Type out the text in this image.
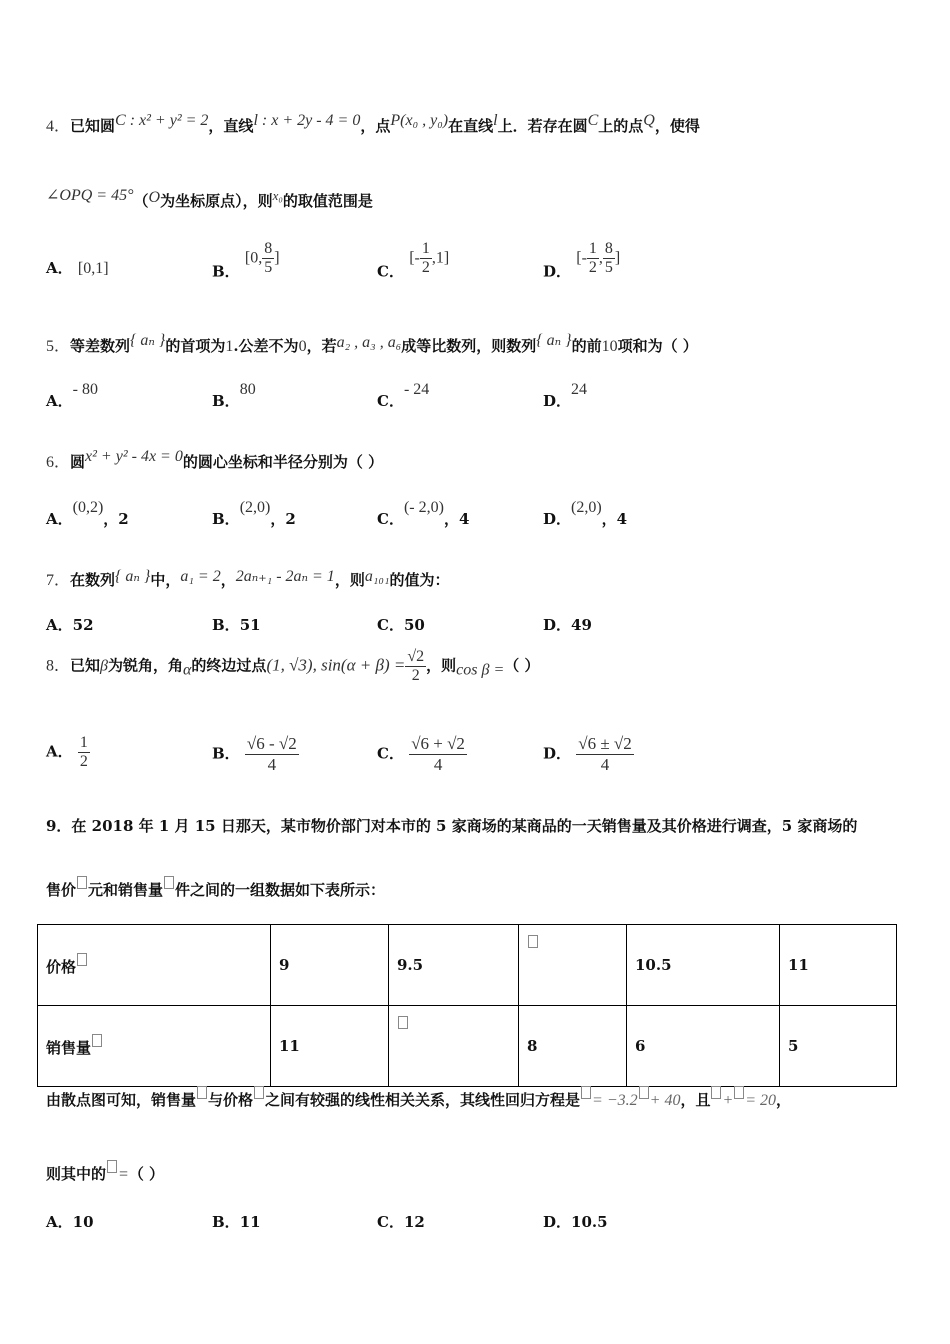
4．已知圆C : x² + y² = 2，直线l : x + 2y - 4 = 0，点P(x₀ , y₀)在直线l上．若存在圆C上的点Q，使得
∠OPQ = 45°（O为坐标原点），则x₀的取值范围是
A． [0,1]	B． [0, $\frac{8}{5}$ ]
C． [- $\frac{1}{2} ,1$]
D． [- $\frac{1}{2}$ , $\frac{8}{5}$ ]
5．等差数列{ aₙ }的首项为1.公差不为0，若a₂ , a₃ , a₆成等比数列，则数列{ aₙ }的前10项和为（ ）
A．- 80
B．80
C．- 24
D．24
6．圆x² + y² - 4x = 0的圆心坐标和半径分别为（ ）
A．(0,2)，2	B．(2,0)，2	C．(- 2,0)，4	D．(2,0)，4
7．在数列{ aₙ }中，a₁ = 2，2aₙ₊₁ - 2aₙ = 1，则a₁₀₁的值为：
A．52	B．51	C．50	D．49
8．已知β为锐角，角α的终边过点(1, √3), $\sin(\alpha + \beta) = \frac{√2}{2}$ ，则cos β =（ ）
A． $\frac{1}{2}$	B． $\frac{√6 - √2}{4}$	C． $\frac{√6 + √2}{4}$	D． $\frac{√6 \pm √2}{4}$
9．在 2018 年 1 月 15 日那天，某市物价部门对本市的 5 家商场的某商品的一天销售量及其价格进行调查，5 家商场的
售价 元和销售量 件之间的一组数据如下表所示：
价格	9	9.5		10.5	11
销售量	11		8	6	5
由散点图可知，销售量 与价格 之间有较强的线性相关关系，其线性回归方程是 = −3.2 + 40，且 + = 20，
则其中的 =（ ）
A．10	B．11	C．12	D．10.5
